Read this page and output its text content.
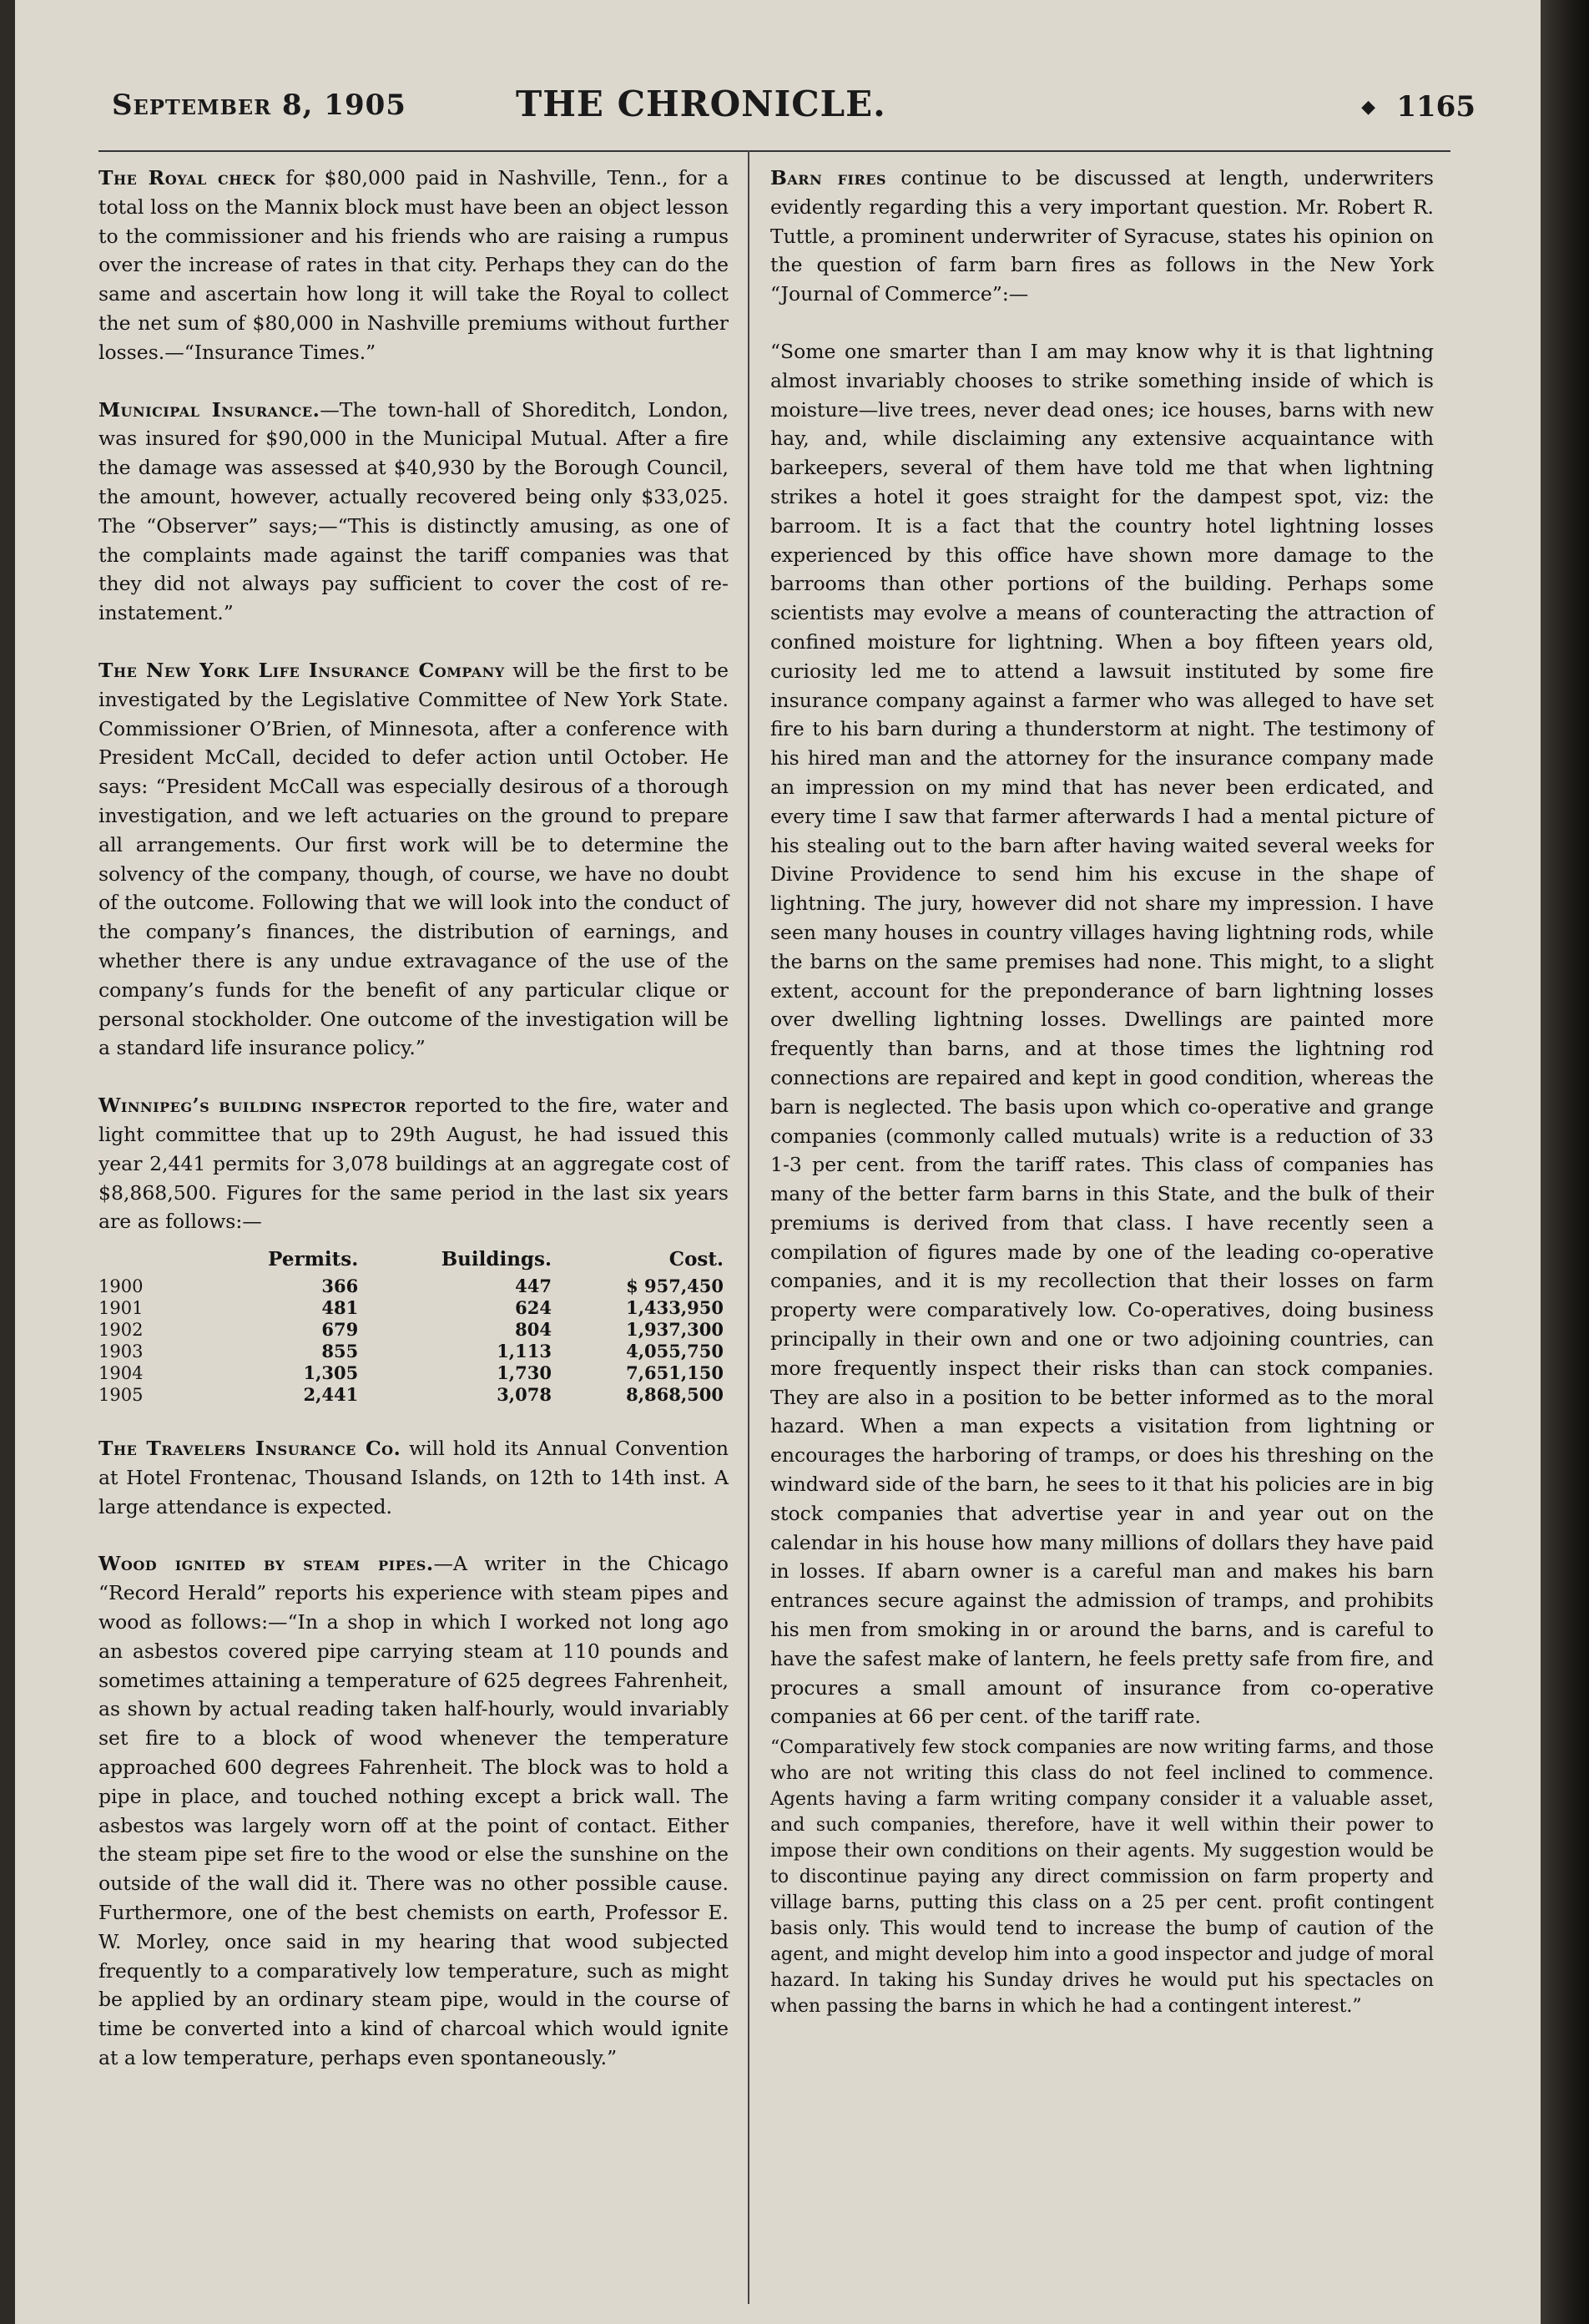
September 8, 1905	THE CHRONICLE.	◆ 1165

The Royal check for $80,000 paid in Nashville, Tenn., for a total loss on the Mannix block must have been an object lesson to the commissioner and his friends who are raising a rumpus over the increase of rates in that city. Perhaps they can do the same and ascertain how long it will take the Royal to collect the net sum of $80,000 in Nashville premiums without further losses.—“Insurance Times.”

Municipal Insurance.—The town-hall of Shoreditch, London, was insured for $90,000 in the Municipal Mutual. After a fire the damage was assessed at $40,930 by the Borough Council, the amount, however, actually recovered being only $33,025. The “Observer” says;—“This is distinctly amusing, as one of the complaints made against the tariff companies was that they did not always pay sufficient to cover the cost of re-instatement.”

The New York Life Insurance Company will be the first to be investigated by the Legislative Committee of New York State. Commissioner O’Brien, of Minnesota, after a conference with President McCall, decided to defer action until October. He says: “President McCall was especially desirous of a thorough investigation, and we left actuaries on the ground to prepare all arrangements. Our first work will be to determine the solvency of the company, though, of course, we have no doubt of the outcome. Following that we will look into the conduct of the company’s finances, the distribution of earnings, and whether there is any undue extravagance of the use of the company’s funds for the benefit of any particular clique or personal stockholder. One outcome of the investigation will be a standard life insurance policy.”

Winnipeg’s building inspector reported to the fire, water and light committee that up to 29th August, he had issued this year 2,441 permits for 3,078 buildings at an aggregate cost of $8,868,500. Figures for the same period in the last six years are as follows:—

	Permits.	Buildings.	Cost.
1900	366	447	$ 957,450
1901	481	624	1,433,950
1902	679	804	1,937,300
1903	855	1,113	4,055,750
1904	1,305	1,730	7,651,150
1905	2,441	3,078	8,868,500

The Travelers Insurance Co. will hold its Annual Convention at Hotel Frontenac, Thousand Islands, on 12th to 14th inst. A large attendance is expected.

Wood ignited by steam pipes.—A writer in the Chicago “Record Herald” reports his experience with steam pipes and wood as follows:—“In a shop in which I worked not long ago an asbestos covered pipe carrying steam at 110 pounds and sometimes attaining a temperature of 625 degrees Fahrenheit, as shown by actual reading taken half-hourly, would invariably set fire to a block of wood whenever the temperature approached 600 degrees Fahrenheit. The block was to hold a pipe in place, and touched nothing except a brick wall. The asbestos was largely worn off at the point of contact. Either the steam pipe set fire to the wood or else the sunshine on the outside of the wall did it. There was no other possible cause. Furthermore, one of the best chemists on earth, Professor E. W. Morley, once said in my hearing that wood subjected frequently to a comparatively low temperature, such as might be applied by an ordinary steam pipe, would in the course of time be converted into a kind of charcoal which would ignite at a low temperature, perhaps even spontaneously.”

Barn fires continue to be discussed at length, underwriters evidently regarding this a very important question. Mr. Robert R. Tuttle, a prominent underwriter of Syracuse, states his opinion on the question of farm barn fires as follows in the New York “Journal of Commerce”:—

“Some one smarter than I am may know why it is that lightning almost invariably chooses to strike something inside of which is moisture—live trees, never dead ones; ice houses, barns with new hay, and, while disclaiming any extensive acquaintance with barkeepers, several of them have told me that when lightning strikes a hotel it goes straight for the dampest spot, viz: the barroom. It is a fact that the country hotel lightning losses experienced by this office have shown more damage to the barrooms than other portions of the building. Perhaps some scientists may evolve a means of counteracting the attraction of confined moisture for lightning. When a boy fifteen years old, curiosity led me to attend a lawsuit instituted by some fire insurance company against a farmer who was alleged to have set fire to his barn during a thunderstorm at night. The testimony of his hired man and the attorney for the insurance company made an impression on my mind that has never been erdicated, and every time I saw that farmer afterwards I had a mental picture of his stealing out to the barn after having waited several weeks for Divine Providence to send him his excuse in the shape of lightning. The jury, however did not share my impression. I have seen many houses in country villages having lightning rods, while the barns on the same premises had none. This might, to a slight extent, account for the preponderance of barn lightning losses over dwelling lightning losses. Dwellings are painted more frequently than barns, and at those times the lightning rod connections are repaired and kept in good condition, whereas the barn is neglected. The basis upon which co-operative and grange companies (commonly called mutuals) write is a reduction of 33 1-3 per cent. from the tariff rates. This class of companies has many of the better farm barns in this State, and the bulk of their premiums is derived from that class. I have recently seen a compilation of figures made by one of the leading co-operative companies, and it is my recollection that their losses on farm property were comparatively low. Co-operatives, doing business principally in their own and one or two adjoining countries, can more frequently inspect their risks than can stock companies. They are also in a position to be better informed as to the moral hazard. When a man expects a visitation from lightning or encourages the harboring of tramps, or does his threshing on the windward side of the barn, he sees to it that his policies are in big stock companies that advertise year in and year out on the calendar in his house how many millions of dollars they have paid in losses. If abarn owner is a careful man and makes his barn entrances secure against the admission of tramps, and prohibits his men from smoking in or around the barns, and is careful to have the safest make of lantern, he feels pretty safe from fire, and procures a small amount of insurance from co-operative companies at 66 per cent. of the tariff rate.

“Comparatively few stock companies are now writing farms, and those who are not writing this class do not feel inclined to commence. Agents having a farm writing company consider it a valuable asset, and such companies, therefore, have it well within their power to impose their own conditions on their agents. My suggestion would be to discontinue paying any direct commission on farm property and village barns, putting this class on a 25 per cent. profit contingent basis only. This would tend to increase the bump of caution of the agent, and might develop him into a good inspector and judge of moral hazard. In taking his Sunday drives he would put his spectacles on when passing the barns in which he had a contingent interest.”
